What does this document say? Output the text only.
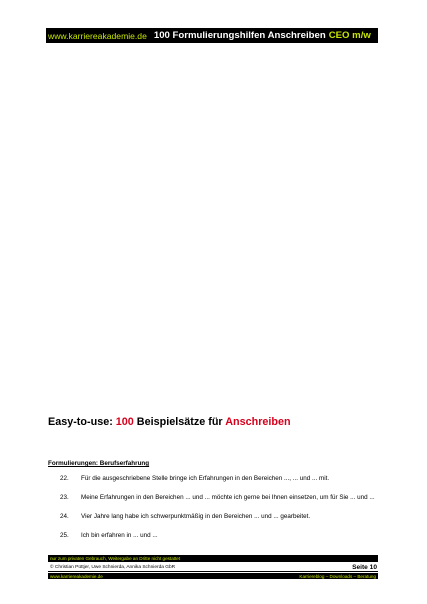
www.karriereakademie.de 100 Formulierungshilfen Anschreiben CEO m/w
Easy-to-use: 100 Beispielsätze für Anschreiben
Formulierungen: Berufserfahrung
22.	Für die ausgeschriebene Stelle bringe ich Erfahrungen in den Bereichen ..., ... und ... mit.
23.	Meine Erfahrungen in den Bereichen ... und ... möchte ich gerne bei Ihnen einsetzen, um für Sie ... und ...
24.	Vier Jahre lang habe ich schwerpunktmäßig in den Bereichen ... und ... gearbeitet.
25.	Ich bin erfahren in ... und ...
nur zum privaten Gebrauch, Weitergabe an Dritte nicht gestattet
© Christian Püttjer, Uwe Schnierda, Annika Schnierda GbR	Seite 10
www.karriereakademie.de	Karriereblog – Downloads – Beratung
